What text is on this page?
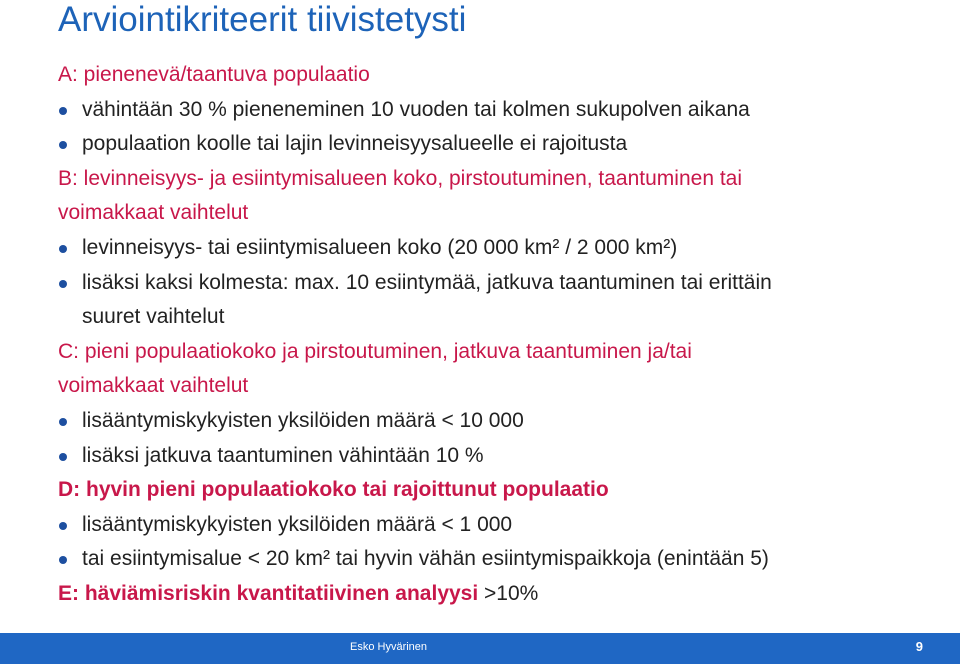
Arviointikriteerit tiivistetysti
A: pienenevä/taantuva populaatio
vähintään 30 % pieneneminen 10 vuoden tai kolmen sukupolven aikana
populaation koolle tai lajin levinneisyysalueelle ei rajoitusta
B: levinneisyys- ja esiintymisalueen koko, pirstoutuminen, taantuminen tai
voimakkaat vaihtelut
levinneisyys- tai esiintymisalueen koko (20 000 km² / 2 000 km²)
lisäksi kaksi kolmesta: max. 10 esiintymää, jatkuva taantuminen tai erittäin
suuret vaihtelut
C: pieni populaatiokoko ja pirstoutuminen, jatkuva taantuminen ja/tai
voimakkaat vaihtelut
lisääntymiskykyisten yksilöiden määrä < 10 000
lisäksi jatkuva taantuminen vähintään 10 %
D: hyvin pieni populaatiokoko tai rajoittunut populaatio
lisääntymiskykyisten yksilöiden määrä < 1 000
tai esiintymisalue < 20 km² tai hyvin vähän esiintymispaikkoja (enintään 5)
E: häviämisriskin kvantitatiivinen analyysi >10%
Esko Hyvärinen	9
